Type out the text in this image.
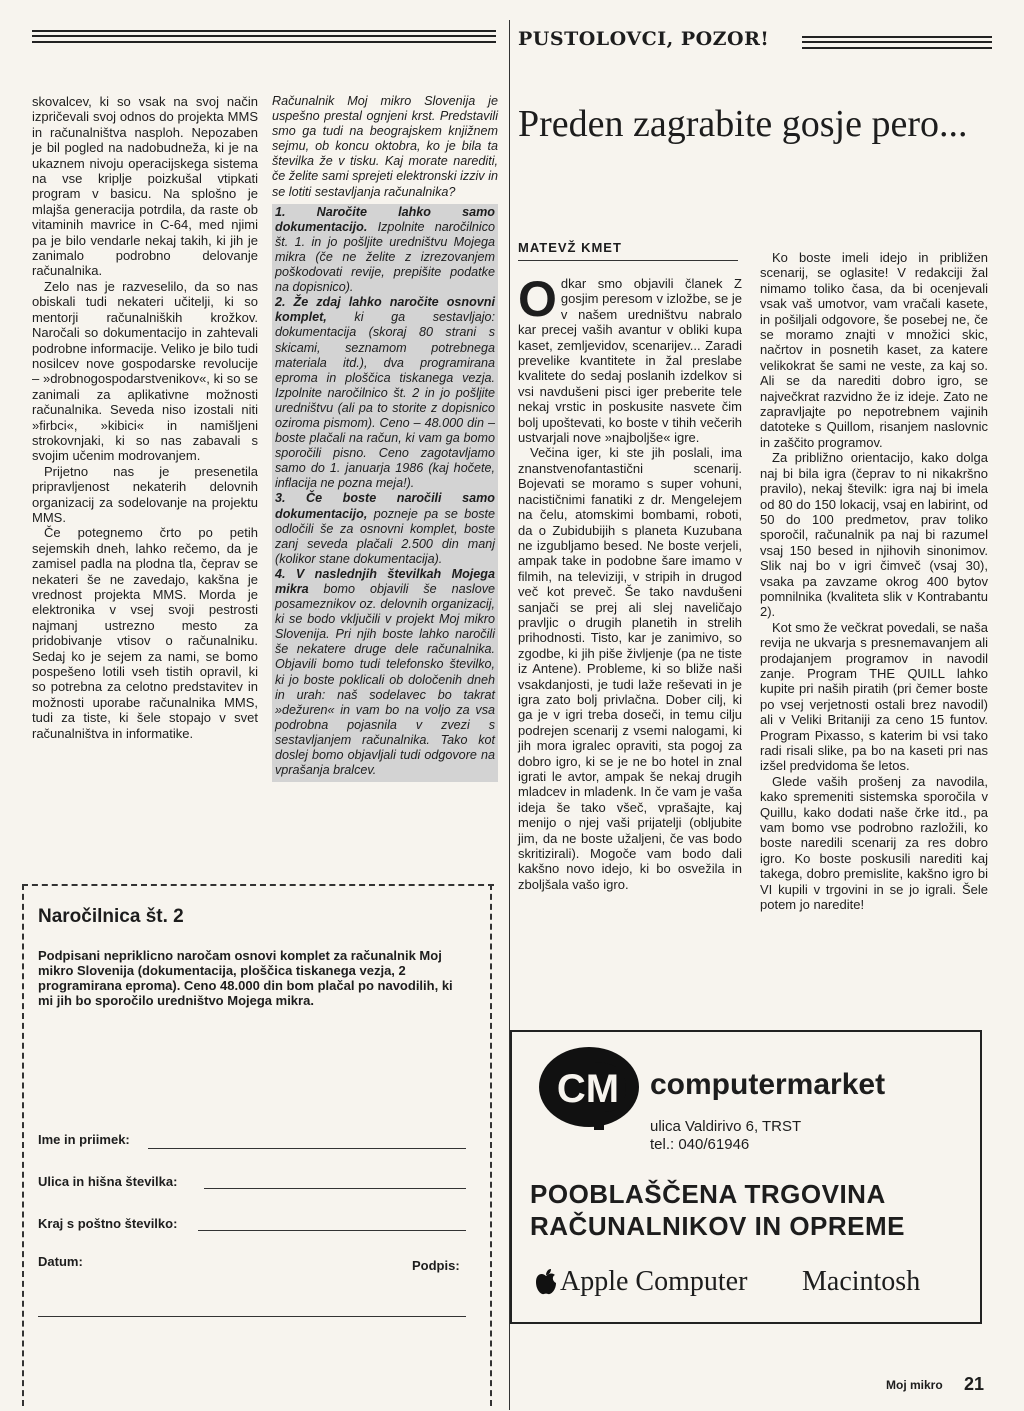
PUSTOLOVCI, POZOR!

skovalcev, ki so vsak na svoj način izpričevali svoj odnos do projekta MMS in računalništva nasploh. Nepozaben je bil pogled na nadobudneža, ki je na ukaznem nivoju operacijskega sistema na vse kriplje poizkušal vtipkati program v basicu. Na splošno je mlajša generacija potrdila, da raste ob vitaminih mavrice in C-64, med njimi pa je bilo vendarle nekaj takih, ki jih je zanimalo podrobno delovanje računalnika.

Zelo nas je razveselilo, da so nas obiskali tudi nekateri učitelji, ki so mentorji računalniških krožkov. Naročali so dokumentacijo in zahtevali podrobne informacije. Veliko je bilo tudi nosilcev nove gospodarske revolucije – »drobnogospodarstvenikov«, ki so se zanimali za aplikativne možnosti računalnika. Seveda niso izostali niti »firbci«, »kibici« in namišljeni strokovnjaki, ki so nas zabavali s svojim učenim modrovanjem.

Prijetno nas je presenetila pripravljenost nekaterih delovnih organizacij za sodelovanje na projektu MMS.

Če potegnemo črto po petih sejemskih dneh, lahko rečemo, da je zamisel padla na plodna tla, čeprav se nekateri še ne zavedajo, kakšna je vrednost projekta MMS. Morda je elektronika v vsej svoji pestrosti najmanj ustrezno mesto za pridobivanje vtisov o računalniku. Sedaj ko je sejem za nami, se bomo pospešeno lotili vseh tistih opravil, ki so potrebna za celotno predstavitev in možnosti uporabe računalnika MMS, tudi za tiste, ki šele stopajo v svet računalništva in informatike.

Računalnik Moj mikro Slovenija je uspešno prestal ognjeni krst. Predstavili smo ga tudi na beograjskem knjižnem sejmu, ob koncu oktobra, ko je bila ta številka že v tisku. Kaj morate narediti, če želite sami sprejeti elektronski izziv in se lotiti sestavljanja računalnika?

1. Naročite lahko samo dokumentacijo. Izpolnite naročilnico št. 1. in jo pošljite uredništvu Mojega mikra (če ne želite z izrezovanjem poškodovati revije, prepišite podatke na dopisnico).

2. Že zdaj lahko naročite osnovni komplet, ki ga sestavljajo: dokumentacija (skoraj 80 strani s skicami, seznamom potrebnega materiala itd.), dva programirana eproma in ploščica tiskanega vezja. Izpolnite naročilnico št. 2 in jo pošljite uredništvu (ali pa to storite z dopisnico oziroma pismom). Ceno – 48.000 din – boste plačali na račun, ki vam ga bomo sporočili pisno. Ceno zagotavljamo samo do 1. januarja 1986 (kaj hočete, inflacija ne pozna meja!).

3. Če boste naročili samo dokumentacijo, pozneje pa se boste odločili še za osnovni komplet, boste zanj seveda plačali 2.500 din manj (kolikor stane dokumentacija).

4. V naslednjih številkah Mojega mikra bomo objavili še naslove posameznikov oz. delovnih organizacij, ki se bodo vključili v projekt Moj mikro Slovenija. Pri njih boste lahko naročili še nekatere druge dele računalnika. Objavili bomo tudi telefonsko številko, ki jo boste poklicali ob določenih dneh in urah: naš sodelavec bo takrat »dežuren« in vam bo na voljo za vsa podrobna pojasnila v zvezi s sestavljanjem računalnika. Tako kot doslej bomo objavljali tudi odgovore na vprašanja bralcev.

Preden zagrabite gosje pero...
MATEVŽ KMET

Odkar smo objavili članek Z gosjim peresom v izložbe, se je v našem uredništvu nabralo kar precej vaših avantur v obliki kupa kaset, zemljevidov, scenarijev... Zaradi prevelike kvantitete in žal preslabe kvalitete do sedaj poslanih izdelkov si vsi navdušeni pisci iger preberite tele nekaj vrstic in poskusite nasvete čim bolj upoštevati, ko boste v tihih večerih ustvarjali nove »najboljše« igre.

Večina iger, ki ste jih poslali, ima znanstvenofantastični scenarij. Bojevati se moramo s super vohuni, nacističnimi fanatiki z dr. Mengelejem na čelu, atomskimi bombami, roboti, da o Zubidubijih s planeta Kuzubana ne izgubljamo besed. Ne boste verjeli, ampak take in podobne šare imamo v filmih, na televiziji, v stripih in drugod več kot preveč. Še tako navdušeni sanjači se prej ali slej naveličajo pravljic o drugih planetih in strelih prihodnosti. Tisto, kar je zanimivo, so zgodbe, ki jih piše življenje (pa ne tiste iz Antene). Probleme, ki so bliže naši vsakdanjosti, je tudi laže reševati in je igra zato bolj privlačna. Dober cilj, ki ga je v igri treba doseči, in temu cilju podrejen scenarij z vsemi nalogami, ki jih mora igralec opraviti, sta pogoj za dobro igro, ki se je ne bo hotel in znal igrati le avtor, ampak še nekaj drugih mladcev in mladenk. In če vam je vaša ideja še tako všeč, vprašajte, kaj menijo o njej vaši prijatelji (obljubite jim, da ne boste užaljeni, če vas bodo skritizirali). Mogoče vam bodo dali kakšno novo idejo, ki bo osvežila in zboljšala vašo igro.

Ko boste imeli idejo in približen scenarij, se oglasite! V redakciji žal nimamo toliko časa, da bi ocenjevali vsak vaš umotvor, vam vračali kasete, in pošiljali odgovore, še posebej ne, če se moramo znajti v množici skic, načrtov in posnetih kaset, za katere velikokrat še sami ne veste, za kaj so. Ali se da narediti dobro igro, se največkrat razvidno že iz ideje. Zato ne zapravljajte po nepotrebnem vajinih datoteke s Quillom, risanjem naslovnic in zaščito programov.

Za približno orientacijo, kako dolga naj bi bila igra (čeprav to ni nikakršno pravilo), nekaj številk: igra naj bi imela od 80 do 150 lokacij, vsaj en labirint, od 50 do 100 predmetov, prav toliko sporočil, računalnik pa naj bi razumel vsaj 150 besed in njihovih sinonimov. Slik naj bo v igri čimveč (vsaj 30), vsaka pa zavzame okrog 400 bytov pomnilnika (kvaliteta slik v Kontrabantu 2).

Kot smo že večkrat povedali, se naša revija ne ukvarja s presnemavanjem ali prodajanjem programov in navodil zanje. Program THE QUILL lahko kupite pri naših piratih (pri čemer boste po vsej verjetnosti ostali brez navodil) ali v Veliki Britaniji za ceno 15 funtov. Program Pixasso, s katerim bi vsi tako radi risali slike, pa bo na kaseti pri nas izšel predvidoma še letos.

Glede vaših prošenj za navodila, kako spremeniti sistemska sporočila v Quillu, kako dodati naše črke itd., pa vam bomo vse podrobno razložili, ko boste naredili scenarij za res dobro igro. Ko boste poskusili narediti kaj takega, dobro premislite, kakšno igro bi VI kupili v trgovini in se jo igrali. Šele potem jo naredite!

Naročilnica št. 2
Podpisani nepriklicno naročam osnovi komplet za računalnik Moj mikro Slovenija (dokumentacija, ploščica tiskanega vezja, 2 programirana eproma). Ceno 48.000 din bom plačal po navodilih, ki mi jih bo sporočilo uredništvo Mojega mikra.
Ime in priimek:
Ulica in hišna številka:
Kraj s poštno številko:
Datum:	Podpis:
CM computermarket
ulica Valdirivo 6, TRST
tel.: 040/61946
POOBLAŠČENA TRGOVINA
RAČUNALNIKOV IN OPREME
Apple Computer Macintosh
Moj mikro 21
